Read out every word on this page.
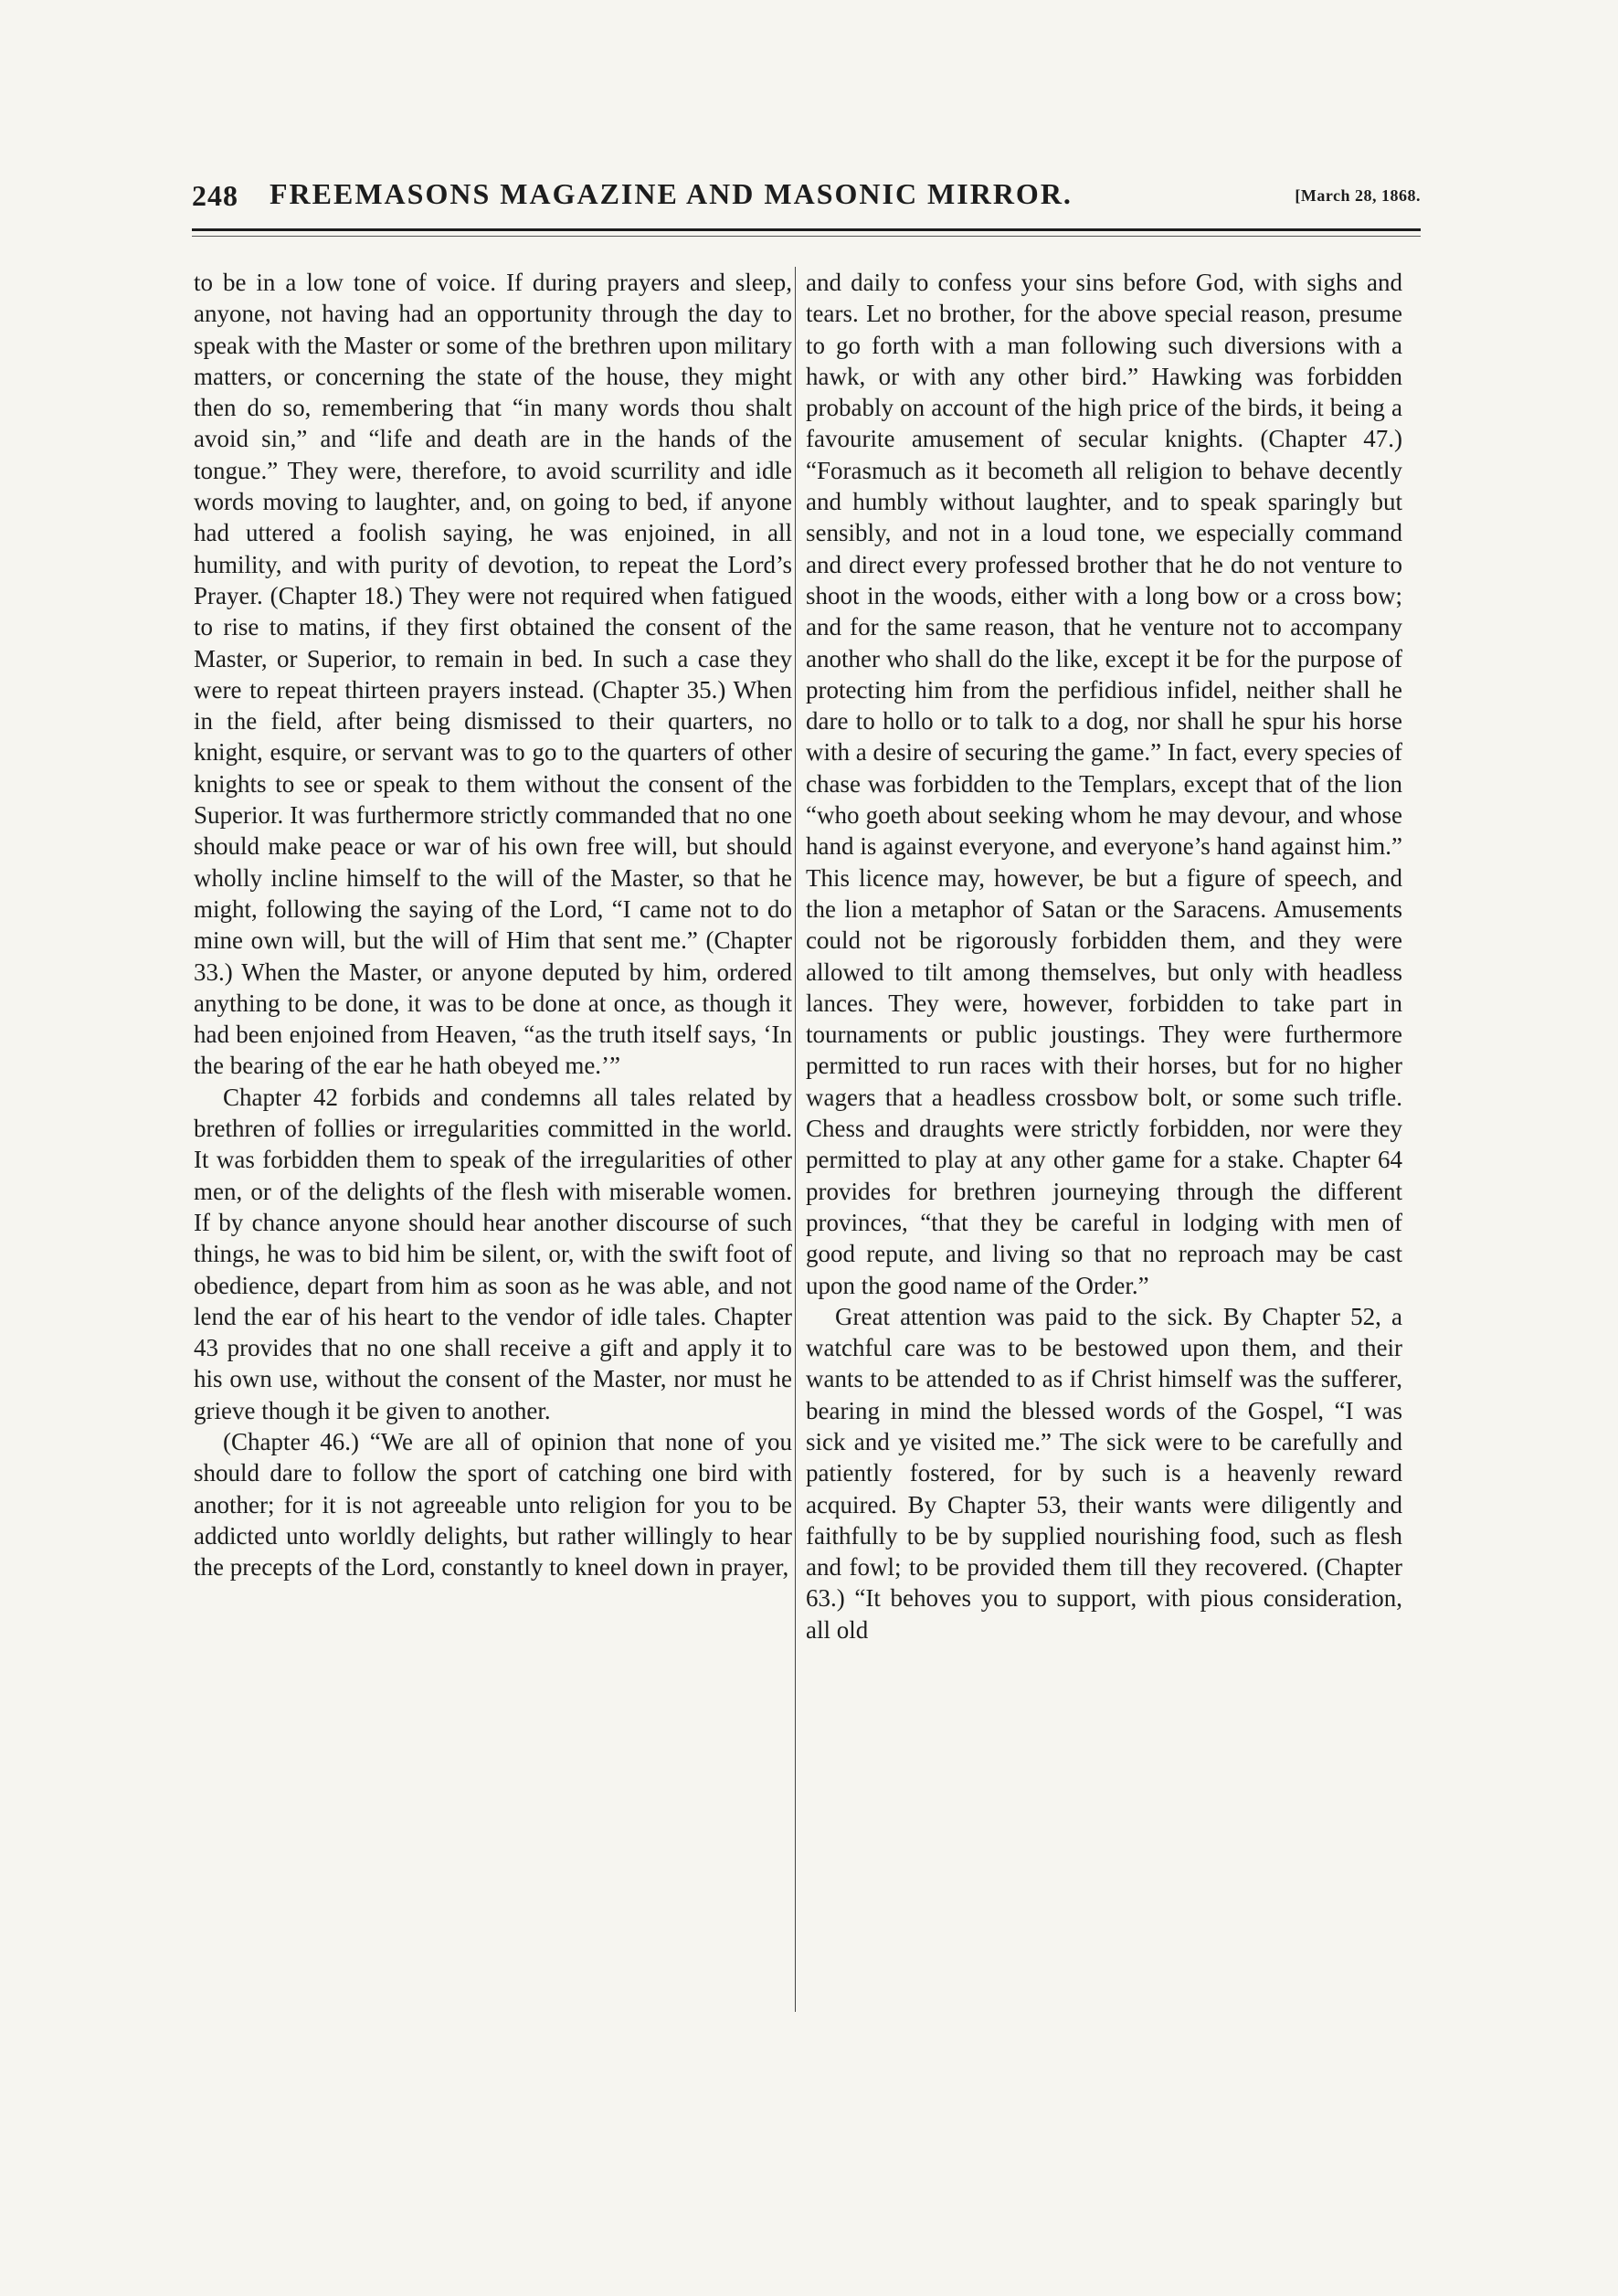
248 FREEMASONS MAGAZINE AND MASONIC MIRROR.	[March 28, 1868.

to be in a low tone of voice. If during prayers and sleep, anyone, not having had an opportunity through the day to speak with the Master or some of the brethren upon military matters, or concerning the state of the house, they might then do so, remembering that “in many words thou shalt avoid sin,” and “life and death are in the hands of the tongue.” They were, therefore, to avoid scurrility and idle words moving to laughter, and, on going to bed, if anyone had uttered a foolish saying, he was enjoined, in all humility, and with purity of devotion, to repeat the Lord’s Prayer. (Chapter 18.) They were not required when fatigued to rise to matins, if they first obtained the consent of the Master, or Superior, to remain in bed. In such a case they were to repeat thirteen prayers instead. (Chapter 35.) When in the field, after being dismissed to their quarters, no knight, esquire, or servant was to go to the quarters of other knights to see or speak to them without the consent of the Superior. It was furthermore strictly commanded that no one should make peace or war of his own free will, but should wholly incline himself to the will of the Master, so that he might, following the saying of the Lord, “I came not to do mine own will, but the will of Him that sent me.” (Chapter 33.) When the Master, or anyone deputed by him, ordered anything to be done, it was to be done at once, as though it had been enjoined from Heaven, “as the truth itself says, ‘In the bearing of the ear he hath obeyed me.’”

Chapter 42 forbids and condemns all tales related by brethren of follies or irregularities committed in the world. It was forbidden them to speak of the irregularities of other men, or of the delights of the flesh with miserable women. If by chance anyone should hear another discourse of such things, he was to bid him be silent, or, with the swift foot of obedience, depart from him as soon as he was able, and not lend the ear of his heart to the vendor of idle tales. Chapter 43 provides that no one shall receive a gift and apply it to his own use, without the consent of the Master, nor must he grieve though it be given to another.

(Chapter 46.) “We are all of opinion that none of you should dare to follow the sport of catching one bird with another; for it is not agreeable unto religion for you to be addicted unto worldly delights, but rather willingly to hear the precepts of the Lord, constantly to kneel down in prayer,

and daily to confess your sins before God, with sighs and tears. Let no brother, for the above special reason, presume to go forth with a man following such diversions with a hawk, or with any other bird.” Hawking was forbidden probably on account of the high price of the birds, it being a favourite amusement of secular knights. (Chapter 47.) “Forasmuch as it becometh all religion to behave decently and humbly without laughter, and to speak sparingly but sensibly, and not in a loud tone, we especially command and direct every professed brother that he do not venture to shoot in the woods, either with a long bow or a cross bow; and for the same reason, that he venture not to accompany another who shall do the like, except it be for the purpose of protecting him from the perfidious infidel, neither shall he dare to hollo or to talk to a dog, nor shall he spur his horse with a desire of securing the game.” In fact, every species of chase was forbidden to the Templars, except that of the lion “who goeth about seeking whom he may devour, and whose hand is against everyone, and everyone’s hand against him.” This licence may, however, be but a figure of speech, and the lion a metaphor of Satan or the Saracens. Amusements could not be rigorously forbidden them, and they were allowed to tilt among themselves, but only with headless lances. They were, however, forbidden to take part in tournaments or public joustings. They were furthermore permitted to run races with their horses, but for no higher wagers that a headless crossbow bolt, or some such trifle. Chess and draughts were strictly forbidden, nor were they permitted to play at any other game for a stake. Chapter 64 provides for brethren journeying through the different provinces, “that they be careful in lodging with men of good repute, and living so that no reproach may be cast upon the good name of the Order.”

Great attention was paid to the sick. By Chapter 52, a watchful care was to be bestowed upon them, and their wants to be attended to as if Christ himself was the sufferer, bearing in mind the blessed words of the Gospel, “I was sick and ye visited me.” The sick were to be carefully and patiently fostered, for by such is a heavenly reward acquired. By Chapter 53, their wants were diligently and faithfully to be by supplied nourishing food, such as flesh and fowl; to be provided them till they recovered. (Chapter 63.) “It behoves you to support, with pious consideration, all old
